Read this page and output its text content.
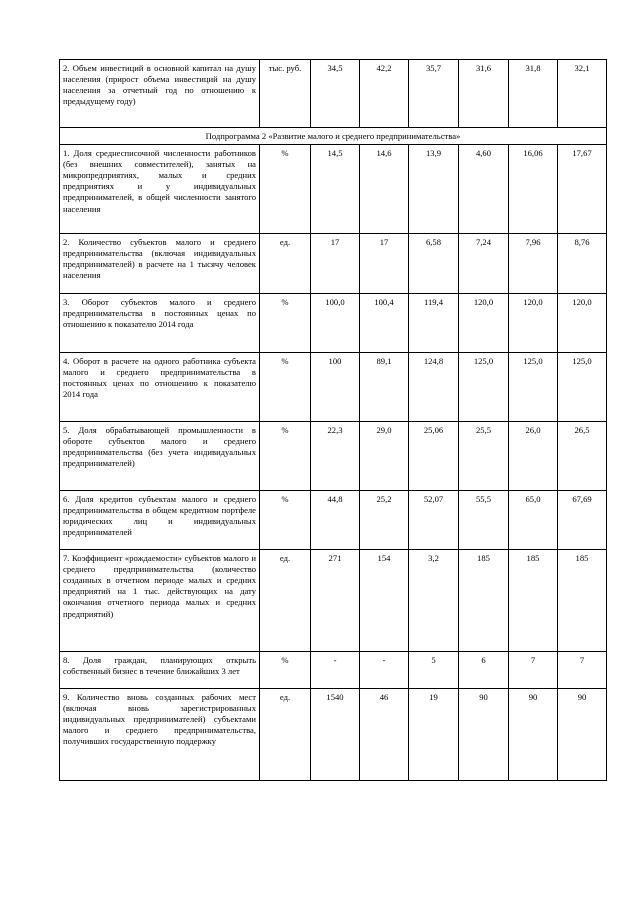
2. Объем инвестиций в основной капитал на душу населения (прирост объема инвестиций на душу населения за отчетный год по отношению к предыдущему году)	тыс. руб.	34,5	42,2	35,7	31,6	31,8	32,1
Подпрограмма 2 «Развитие малого и среднего предпринимательства»							
1. Доля среднесписочной численности работников (без внешних совместителей), занятых на микропредприятиях, малых и средних предприятиях и у индивидуальных предпринимателей, в общей численности занятого населения	%	14,5	14,6	13,9	4,60	16,06	17,67
2. Количество субъектов малого и среднего предпринимательства (включая индивидуальных предпринимателей) в расчете на 1 тысячу человек населения	ед.	17	17	6,58	7,24	7,96	8,76
3. Оборот субъектов малого и среднего предпринимательства в постоянных ценах по отношению к показателю 2014 года	%	100,0	100,4	119,4	120,0	120,0	120,0
4. Оборот в расчете на одного работника субъекта малого и среднего предпринимательства в постоянных ценах по отношению к показателю 2014 года	%	100	89,1	124,8	125,0	125,0	125,0
5. Доля обрабатывающей промышленности в обороте субъектов малого и среднего предпринимательства (без учета индивидуальных предпринимателей)	%	22,3	29,0	25,06	25,5	26,0	26,5
6. Доля кредитов субъектам малого и среднего предпринимательства в общем кредитном портфеле юридических лиц и индивидуальных предпринимателей	%	44,8	25,2	52,07	55,5	65,0	67,69
7. Коэффициент «рождаемости» субъектов малого и среднего предпринимательства (количество созданных в отчетном периоде малых и средних предприятий на 1 тыс. действующих на дату окончания отчетного периода малых и средних предприятий)	ед.	271	154	3,2	185	185	185
8. Доля граждан, планирующих открыть собственный бизнес в течение ближайших 3 лет	%	-	-	5	6	7	7
9. Количество вновь созданных рабочих мест (включая вновь зарегистрированных индивидуальных предпринимателей) субъектами малого и среднего предпринимательства, получивших государственную поддержку	ед.	1540	46	19	90	90	90
